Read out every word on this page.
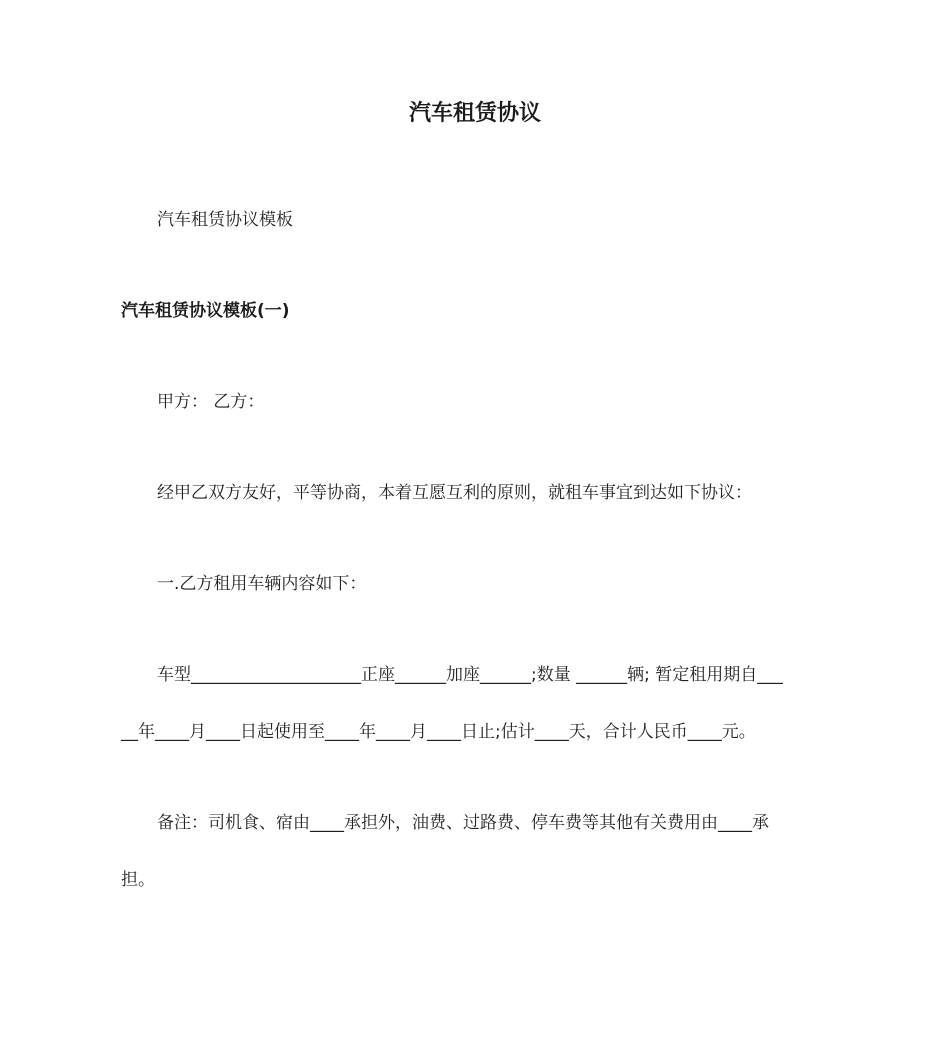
汽车租赁协议
汽车租赁协议模板
汽车租赁协议模板(一)
甲方： 乙方：
经甲乙双方友好，平等协商，本着互愿互利的原则，就租车事宜到达如下协议：
一.乙方租用车辆内容如下：
车型____________________正座______加座______;数量 ______辆; 暂定租用期自___
__年____月____日起使用至____年____月____日止;估计____天，合计人民币____元。
备注：司机食、宿由____承担外，油费、过路费、停车费等其他有关费用由____承
担。
